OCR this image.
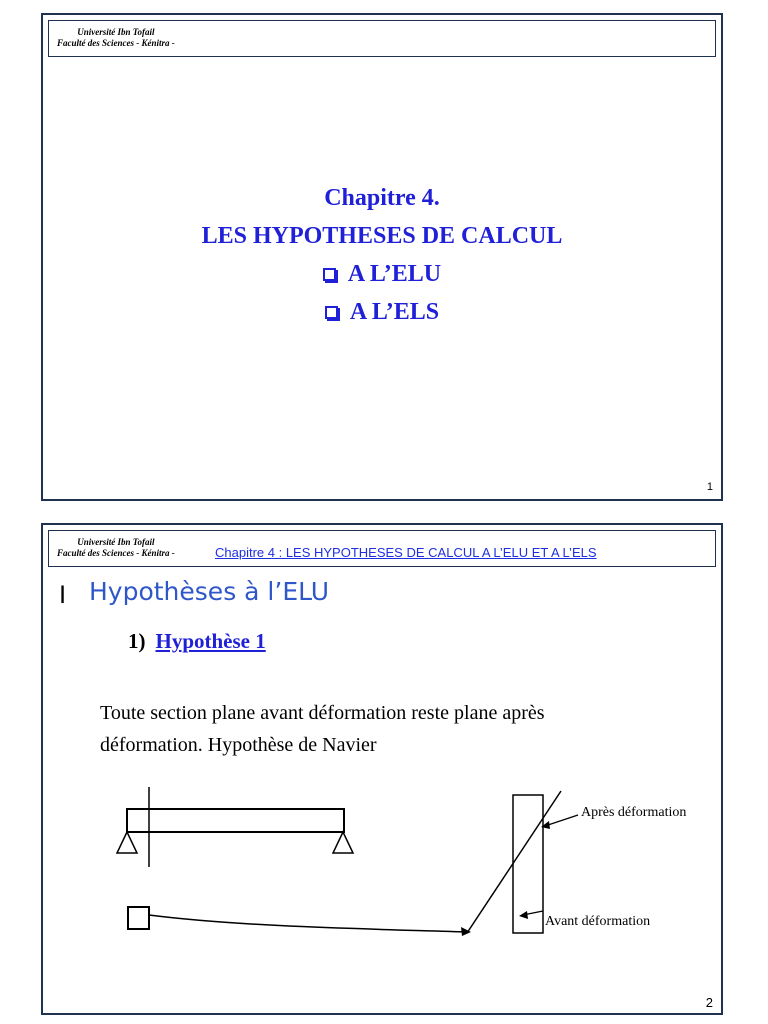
Université Ibn Tofail
Faculté des Sciences - Kénitra -
Chapitre 4.
LES HYPOTHESES DE CALCUL
A L’ELU
A L’ELS
1
Université Ibn Tofail
Faculté des Sciences - Kénitra -	Chapitre 4 : LES HYPOTHESES DE CALCUL A L’ELU ET A L’ELS
I Hypothèses à l’ELU
1) Hypothèse 1
Toute section plane avant déformation reste plane après
déformation. Hypothèse de Navier
Après déformation
Avant déformation
2
